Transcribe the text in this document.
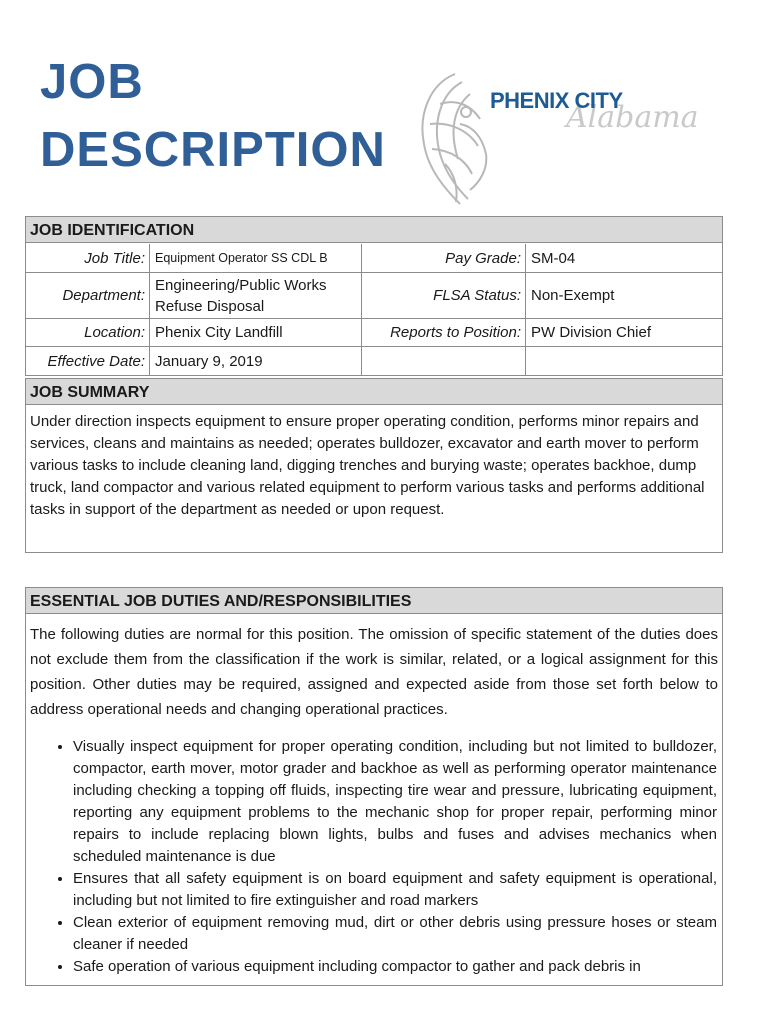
JOB
DESCRIPTION
Alabama
PHENIX CITY
JOB IDENTIFICATION
Job Title: Equipment Operator SS CDL B	Pay Grade: SM-04
Department:
Engineering/Public Works
Refuse Disposal
FLSA Status: Non-Exempt
Location: Phenix City Landfill	Reports to Position: PW Division Chief
Effective Date: January 9, 2019
JOB SUMMARY
Under direction inspects equipment to ensure proper operating condition, performs minor repairs and services, cleans and maintains as needed; operates bulldozer, excavator and earth mover to perform various tasks to include cleaning land, digging trenches and burying waste; operates backhoe, dump truck, land compactor and various related equipment to perform various tasks and performs additional tasks in support of the department as needed or upon request.
ESSENTIAL JOB DUTIES AND/RESPONSIBILITIES
The following duties are normal for this position. The omission of specific statement of the duties does not exclude them from the classification if the work is similar, related, or a logical assignment for this position. Other duties may be required, assigned and expected aside from those set forth below to address operational needs and changing operational practices.
• Visually inspect equipment for proper operating condition, including but not limited to bulldozer, compactor, earth mover, motor grader and backhoe as well as performing operator maintenance including checking a topping off fluids, inspecting tire wear and pressure, lubricating equipment, reporting any equipment problems to the mechanic shop for proper repair, performing minor repairs to include replacing blown lights, bulbs and fuses and advises mechanics when scheduled maintenance is due
• Ensures that all safety equipment is on board equipment and safety equipment is operational, including but not limited to fire extinguisher and road markers
• Clean exterior of equipment removing mud, dirt or other debris using pressure hoses or steam cleaner if needed
• Safe operation of various equipment including compactor to gather and pack debris in
